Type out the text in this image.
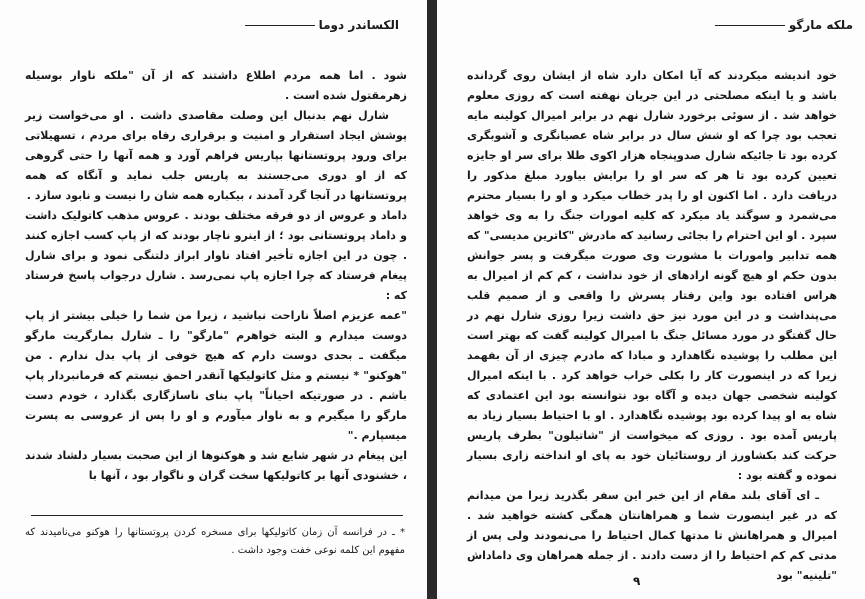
الکساندر دوما

شود . اما همه مردم اطلاع داشتند که از آن "ملکه ناوار بوسیله زهرمقتول شده است .

شارل نهم بدنبال این وصلت مقاصدی داشت . او می‌خواست زیر پوشش ایجاد استقرار و امنیت و برقراری رفاه برای مردم ، تسهیلاتی برای ورود پروتستانها بپاریس فراهم آورد و همه آنها را حتی گروهی که از او دوری می‌جستند به پاریس جلب نماید و آنگاه که همه پروتستانها در آنجا گرد آمدند ، بیکباره همه شان را نیست و نابود سازد .

داماد و عروس از دو فرقه مختلف بودند . عروس مذهب کاتولیک داشت و داماد پروتستانی بود ؛ از اینرو ناچار بودند که از پاپ کسب اجازه کنند . چون در این اجازه تأخیر افتاد ناوار ابراز دلتنگی نمود و برای شارل پیغام فرستاد که چرا اجازه پاپ نمی‌رسد . شارل درجواب پاسخ فرستاد که :

"عمه عزیزم اصلاً ناراحت نباشید ، زیرا من شما را خیلی بیشتر از پاپ دوست میدارم و البته خواهرم "مارگو" را ـ شارل بمارگریت مارگو میگفت ـ بحدی دوست دارم که هیچ خوفی از پاپ بدل ندارم . من "هوکنو" * نیستم و مثل کاتولیکها آنقدر احمق نیستم که فرمانبردار پاپ باشم . در صورتیکه احیاناً" پاپ بنای ناسازگاری بگذارد ، خودم دست مارگو را میگیرم و به ناوار میآورم و او را پس از عروسی به پسرت میسپارم ."

این پیغام در شهر شایع شد و هوکنوها از این صحبت بسیار دلشاد شدند ، خشنودی آنها بر کاتولیکها سخت گران و ناگوار بود ، آنها با

* ـ در فرانسه آن زمان کاتولیکها برای مسخره کردن پروتستانها را هوکنو می‌نامیدند که مفهوم این کلمه نوعی خفت وجود داشت .

ملکه مارگو

خود اندیشه میکردند که آیا امکان دارد شاه از ایشان روی گردانده باشد و یا اینکه مصلحتی در این جریان نهفته است که روزی معلوم خواهد شد . از سوئی برخورد شارل نهم در برابر امیرال کولینه مایه تعجب بود چرا که او شش سال در برابر شاه عصیانگری و آشوبگری کرده بود تا جائیکه شارل صدوپنجاه هزار اکوی طلا برای سر او جایزه تعیین کرده بود تا هر که سر او را برایش بیاورد مبلغ مذکور را دریافت دارد . اما اکنون او را پدر خطاب میکرد و او را بسیار محترم می‌شمرد و سوگند یاد میکرد که کلیه امورات جنگ را به وی خواهد سپرد . او این احترام را بجائی رسانید که مادرش "کاترین مدیسی" که همه تدابیر وامورات با مشورت وی صورت میگرفت و پسر جوانش بدون حکم او هیچ گونه ارادهای از خود نداشت ، کم کم از امیرال به هراس افتاده بود واین رفتار پسرش را واقعی و از صمیم قلب می‌پنداشت و در این مورد نیز حق داشت زیرا روزی شارل نهم در حال گفتگو در مورد مسائل جنگ با امیرال کولینه گفت که بهتر است این مطلب را پوشیده نگاهدارد و مبادا که مادرم چیزی از آن بفهمد زیرا که در اینصورت کار را بکلی خراب خواهد کرد . با اینکه امیرال کولینه شخصی جهان دیده و آگاه بود نتوانسته بود این اعتمادی که شاه به او پیدا کرده بود پوشیده نگاهدارد . او با احتیاط بسیار زیاد به پاریس آمده بود . روزی که میخواست از "شاتیلون" بطرف پاریس حرکت کند بکشاورز از روستائیان خود به پای او انداخته زاری بسیار نموده و گفته بود :

ـ ای آقای بلند مقام از این خبر این سفر بگذرید زیرا من میدانم که در غیر اینصورت شما و همراهانتان همگی کشته خواهید شد . امیرال و همراهانش تا مدتها کمال احتیاط را می‌نمودند ولی پس از مدتی کم کم احتیاط را از دست دادند . از جمله همراهان وی داماداش "تلینیه" بود

۹
